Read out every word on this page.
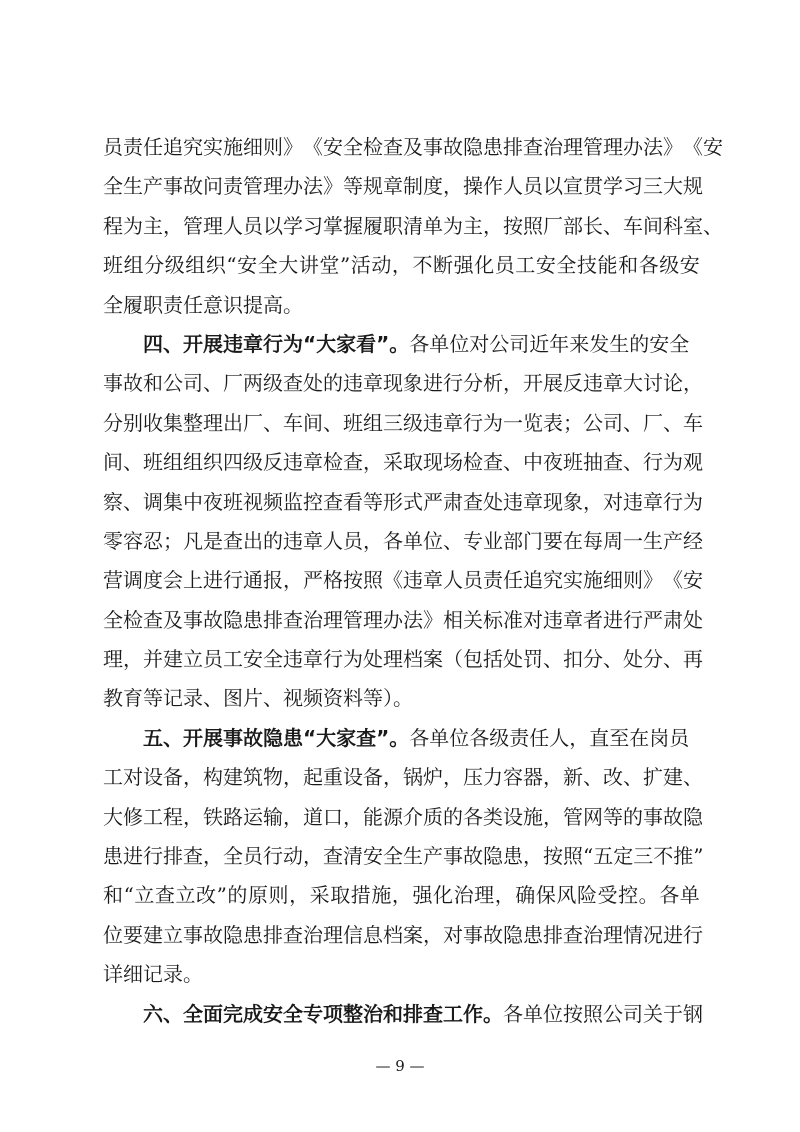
员 责 任 追 究 实 施 细 则 》 《 安 全 检 查 及 事 故 隐 患 排 查 治 理 管 理 办 法 》 《 安
全 生 产 事 故 问 责 管 理 办 法 》 等 规 章 制 度 ， 操 作 人 员 以 宣 贯 学 习 三 大 规
程 为 主 ， 管 理 人 员 以 学 习 掌 握 履 职 清 单 为 主 ， 按 照 厂 部 长 、 车 间 科 室 、
班 组 分 级 组 织 “ 安 全 大 讲 堂 ” 活 动 ， 不 断 强 化 员 工 安 全 技 能 和 各 级 安
全履职责任意识提高。
四、开展违章行为“大家看”。各单位对公司近年来发生的安全
事 故 和 公 司 、 厂 两 级 查 处 的 违 章 现 象 进 行 分 析 ， 开 展 反 违 章 大 讨 论 ，
分 别 收 集 整 理 出 厂 、 车 间 、 班 组 三 级 违 章 行 为 一 览 表 ； 公 司 、 厂 、 车
间 、 班 组 组 织 四 级 反 违 章 检 查 ， 采 取 现 场 检 查 、 中 夜 班 抽 查 、 行 为 观
察 、 调 集 中 夜 班 视 频 监 控 查 看 等 形 式 严 肃 查 处 违 章 现 象 ， 对 违 章 行 为
零 容 忍 ； 凡 是 查 出 的 违 章 人 员 ， 各 单 位 、 专 业 部 门 要 在 每 周 一 生 产 经
营 调 度 会 上 进 行 通 报 ， 严 格 按 照 《 违 章 人 员 责 任 追 究 实 施 细 则 》 《 安
全 检 查 及 事 故 隐 患 排 查 治 理 管 理 办 法 》 相 关 标 准 对 违 章 者 进 行 严 肃 处
理 ， 并 建 立 员 工 安 全 违 章 行 为 处 理 档 案 （ 包 括 处 罚 、 扣 分 、 处 分 、 再
教育等记录、图片、视频资料等）。
五、开展事故隐患“大家查”。各单位各级责任人，直至在岗员
工 对 设 备 ， 构 建 筑 物 ， 起 重 设 备 ， 锅 炉 ， 压 力 容 器 ， 新 、 改 、 扩 建 、
大 修 工 程 ， 铁 路 运 输 ， 道 口 ， 能 源 介 质 的 各 类 设 施 ， 管 网 等 的 事 故 隐
患 进 行 排 查 ， 全 员 行 动 ， 查 清 安 全 生 产 事 故 隐 患 ， 按 照 “ 五 定 三 不 推 ”
和 “ 立 查 立 改 ” 的 原 则 ， 采 取 措 施 ， 强 化 治 理 ， 确 保 风 险 受 控 。 各 单
位 要 建 立 事 故 隐 患 排 查 治 理 信 息 档 案 ， 对 事 故 隐 患 排 查 治 理 情 况 进 行
详细记录。
六、全面完成安全专项整治和排查工作。各单位按照公司关于钢
— 9 —
